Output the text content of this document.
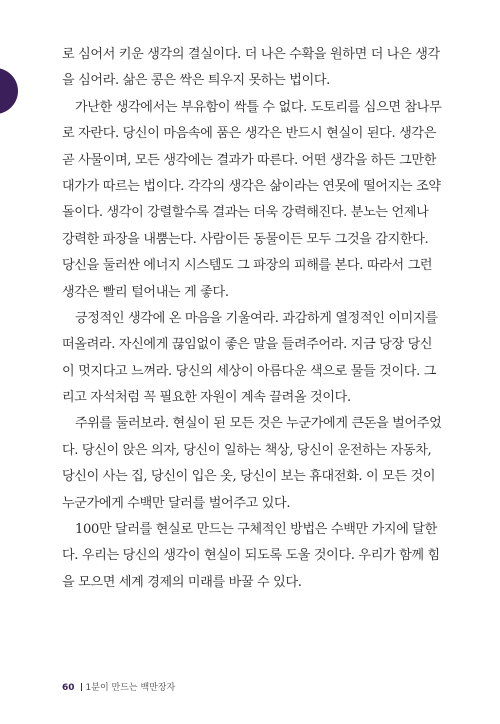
로 심어서 키운 생각의 결실이다. 더 나은 수확을 원하면 더 나은 생각
을 심어라. 삶은 콩은 싹은 틔우지 못하는 법이다.
가난한 생각에서는 부유함이 싹틀 수 없다. 도토리를 심으면 참나무
로 자란다. 당신이 마음속에 품은 생각은 반드시 현실이 된다. 생각은
곧 사물이며, 모든 생각에는 결과가 따른다. 어떤 생각을 하든 그만한
대가가 따르는 법이다. 각각의 생각은 삶이라는 연못에 떨어지는 조약
돌이다. 생각이 강렬할수록 결과는 더욱 강력해진다. 분노는 언제나
강력한 파장을 내뿜는다. 사람이든 동물이든 모두 그것을 감지한다.
당신을 둘러싼 에너지 시스템도 그 파장의 피해를 본다. 따라서 그런
생각은 빨리 털어내는 게 좋다.
긍정적인 생각에 온 마음을 기울여라. 과감하게 열정적인 이미지를
떠올려라. 자신에게 끊임없이 좋은 말을 들려주어라. 지금 당장 당신
이 멋지다고 느껴라. 당신의 세상이 아름다운 색으로 물들 것이다. 그
리고 자석처럼 꼭 필요한 자원이 계속 끌려올 것이다.
주위를 둘러보라. 현실이 된 모든 것은 누군가에게 큰돈을 벌어주었
다. 당신이 앉은 의자, 당신이 일하는 책상, 당신이 운전하는 자동차,
당신이 사는 집, 당신이 입은 옷, 당신이 보는 휴대전화. 이 모든 것이
누군가에게 수백만 달러를 벌어주고 있다.
100만 달러를 현실로 만드는 구체적인 방법은 수백만 가지에 달한
다. 우리는 당신의 생각이 현실이 되도록 도울 것이다. 우리가 함께 힘
을 모으면 세계 경제의 미래를 바꿀 수 있다.
60 1분이 만드는 백만장자
